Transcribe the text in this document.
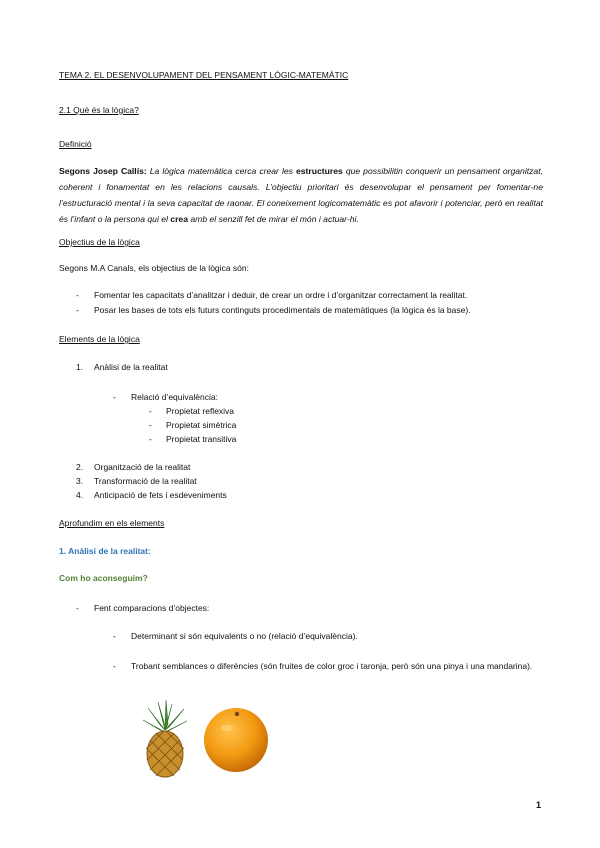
TEMA 2. EL DESENVOLUPAMENT DEL PENSAMENT LÒGIC-MATEMÀTIC

2.1 Què és la lògica?

Definició

Segons Josep Callís: La lògica matemàtica cerca crear les estructures que possibilitin conquerir un pensament organitzat, coherent i fonamentat en les relacions causals. L’objectiu prioritari és desenvolupar el pensament per fomentar-ne l’estructuració mental i la seva capacitat de raonar. El coneixement logicomatemàtic es pot afavorir i potenciar, però en realitat és l’infant o la persona qui el crea amb el senzill fet de mirar el món i actuar-hi.

Objectius de la lògica

Segons M.A Canals, els objectius de la lògica són:

- Fomentar les capacitats d’analitzar i deduir, de crear un ordre i d’organitzar correctament la realitat.

- Posar les bases de tots els futurs continguts procedimentals de matemàtiques (la lògica és la base).

Elements de la lògica

1. Anàlisi de la realitat

- Relació d’equivalència:

- Propietat reflexiva

- Propietat simètrica

- Propietat transitiva

2. Organització de la realitat

3. Transformació de la realitat

4. Anticipació de fets i esdeveniments

Aprofundim en els elements

1. Anàlisi de la realitat:

Com ho aconseguim?

- Fent comparacions d’objectes:

- Determinant si són equivalents o no (relació d’equivalència).

- Trobant semblances o diferències (són fruites de color groc i taronja, però són una pinya i una mandarina).

1
